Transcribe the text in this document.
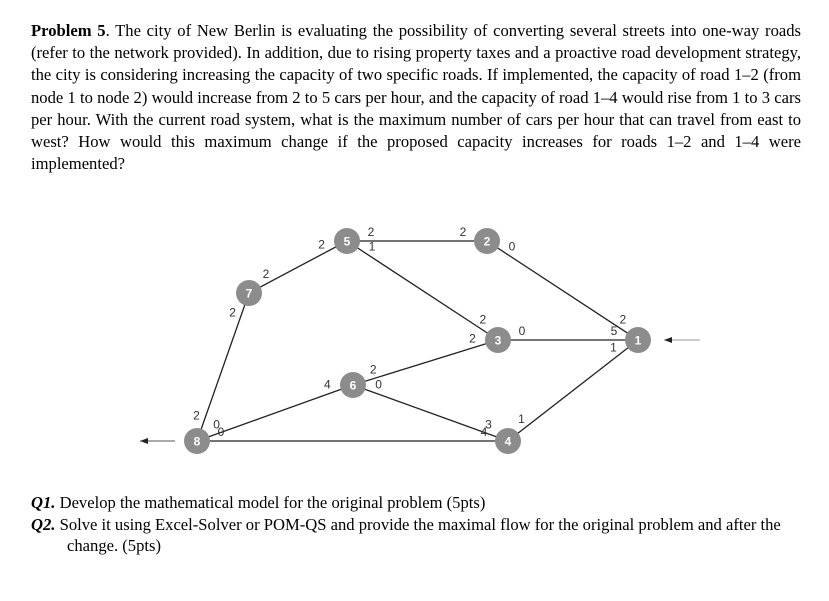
Problem 5. The city of New Berlin is evaluating the possibility of converting several streets into one-way roads (refer to the network provided). In addition, due to rising property taxes and a proactive road development strategy, the city is considering increasing the capacity of two specific roads. If implemented, the capacity of road 1–2 (from node 1 to node 2) would increase from 2 to 5 cars per hour, and the capacity of road 1–4 would rise from 1 to 3 cars per hour. With the current road system, what is the maximum number of cars per hour that can travel from east to west? How would this maximum change if the proposed capacity increases for roads 1–2 and 1–4 were implemented?
2	2
1
2
2
2
2
2
0
4
2
2
0
3
0	4
0
2
0	5
1
1
1
2
3
4
5
6
7
8
Q1. Develop the mathematical model for the original problem (5pts)
Q2. Solve it using Excel-Solver or POM-QS and provide the maximal flow for the original problem and after the change. (5pts)
